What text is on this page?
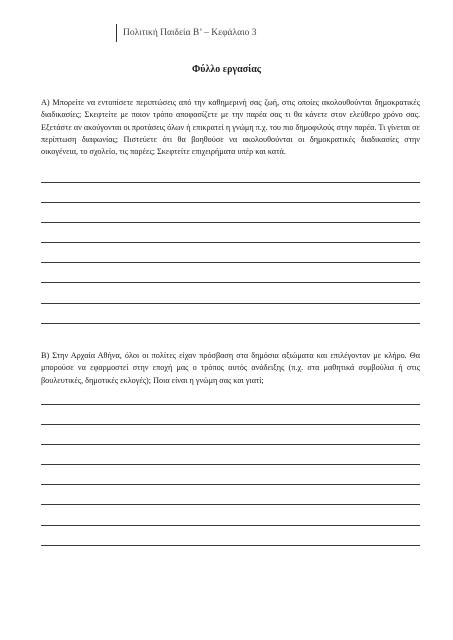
Πολιτική Παιδεία Β’ – Κεφάλαιο 3
Φύλλο εργασίας
Α) Μπορείτε να εντοπίσετε περιπτώσεις από την καθημερινή σας ζωή, στις οποίες ακολουθούνται δημοκρατικές διαδικασίες; Σκεφτείτε με ποιον τρόπο αποφασίζετε με την παρέα σας τι θα κάνετε στον ελεύθερο χρόνο σας. Εξετάστε αν ακούγονται οι προτάσεις όλων ή επικρατεί η γνώμη π.χ. του πιο δημοφιλούς στην παρέα. Τι γίνεται σε περίπτωση διαφωνίας; Πιστεύετε ότι θα βοηθούσε να ακολουθούνται οι δημοκρατικές διαδικασίες στην οικογένεια, το σχολείο, τις παρέες; Σκεφτείτε επιχειρήματα υπέρ και κατά.
Β) Στην Αρχαία Αθήνα, όλοι οι πολίτες είχαν πρόσβαση στα δημόσια αξιώματα και επιλέγονταν με κλήρο. Θα μπορούσε να εφαρμοστεί στην εποχή μας ο τρόπος αυτός ανάδειξης (π.χ. στα μαθητικά συμβούλια ή στις βουλευτικές, δημοτικές εκλογές); Ποια είναι η γνώμη σας και γιατί;
